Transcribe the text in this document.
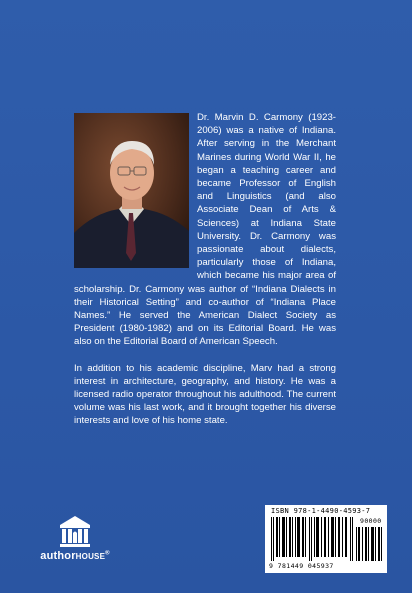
Dr. Marvin D. Carmony (1923-2006) was a native of Indiana. After serving in the Merchant Marines during World War II, he began a teaching career and became Professor of English and Linguistics (and also Associate Dean of Arts & Sciences) at Indiana State University. Dr. Carmony was passionate about dialects, particularly those of Indiana, which became his major area of scholarship. Dr. Carmony was author of “Indiana Dialects in their Historical Setting” and co-author of “Indiana Place Names.” He served the American Dialect Society as President (1980-1982) and on its Editorial Board. He was also on the Editorial Board of American Speech.

In addition to his academic discipline, Marv had a strong interest in architecture, geography, and history. He was a licensed radio operator throughout his adulthood. The current volume was his last work, and it brought together his diverse interests and love of his home state.

authorHOUSE®
ISBN 978-1-4490-4593-7
90000
9 781449 045937
